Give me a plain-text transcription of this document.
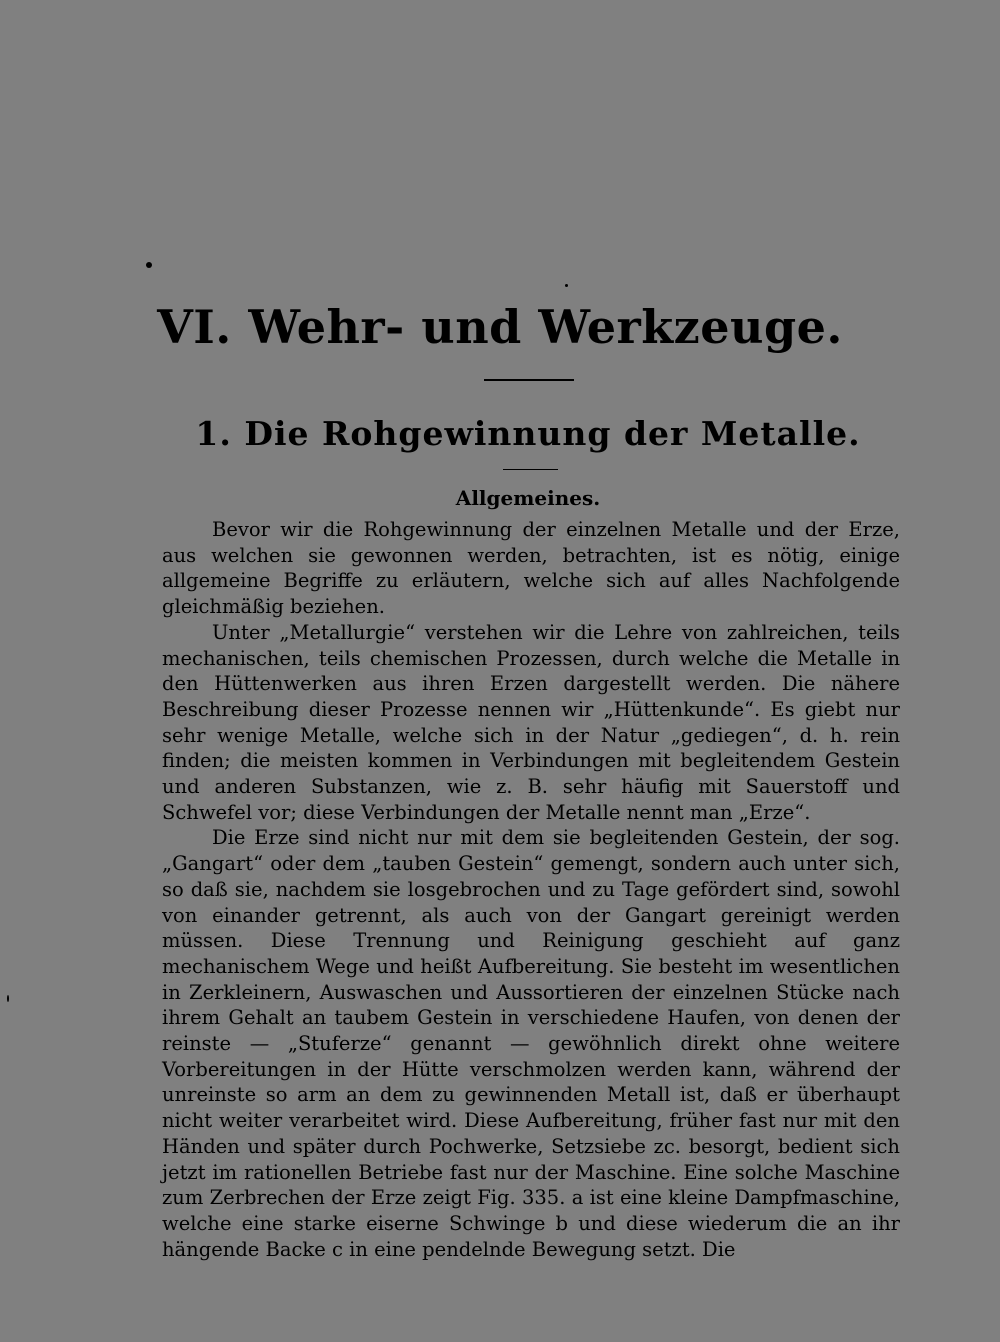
VI. Wehr- und Werkzeuge.
1. Die Rohgewinnung der Metalle.
Allgemeines.

Bevor wir die Rohgewinnung der einzelnen Metalle und der Erze, aus welchen sie gewonnen werden, betrachten, ist es nötig, einige allgemeine Begriffe zu erläutern, welche sich auf alles Nachfolgende gleichmäßig beziehen.

Unter „Metallurgie“ verstehen wir die Lehre von zahlreichen, teils mechanischen, teils chemischen Prozessen, durch welche die Metalle in den Hüttenwerken aus ihren Erzen dargestellt werden. Die nähere Beschreibung dieser Prozesse nennen wir „Hüttenkunde“. Es giebt nur sehr wenige Metalle, welche sich in der Natur „gediegen“, d. h. rein finden; die meisten kommen in Verbindungen mit begleitendem Gestein und anderen Substanzen, wie z. B. sehr häufig mit Sauerstoff und Schwefel vor; diese Verbindungen der Metalle nennt man „Erze“.

Die Erze sind nicht nur mit dem sie begleitenden Gestein, der sog. „Gangart“ oder dem „tauben Gestein“ gemengt, sondern auch unter sich, so daß sie, nachdem sie losgebrochen und zu Tage gefördert sind, sowohl von einander getrennt, als auch von der Gangart gereinigt werden müssen. Diese Trennung und Reinigung geschieht auf ganz mechanischem Wege und heißt Aufbereitung. Sie besteht im wesentlichen in Zerkleinern, Auswaschen und Aussortieren der einzelnen Stücke nach ihrem Gehalt an taubem Gestein in verschiedene Haufen, von denen der reinste — „Stuferze“ genannt — gewöhnlich direkt ohne weitere Vorbereitungen in der Hütte verschmolzen werden kann, während der unreinste so arm an dem zu gewinnenden Metall ist, daß er überhaupt nicht weiter verarbeitet wird. Diese Aufbereitung, früher fast nur mit den Händen und später durch Pochwerke, Setzsiebe zc. besorgt, bedient sich jetzt im rationellen Betriebe fast nur der Maschine. Eine solche Maschine zum Zerbrechen der Erze zeigt Fig. 335. a ist eine kleine Dampfmaschine, welche eine starke eiserne Schwinge b und diese wiederum die an ihr hängende Backe c in eine pendelnde Bewegung setzt. Die
